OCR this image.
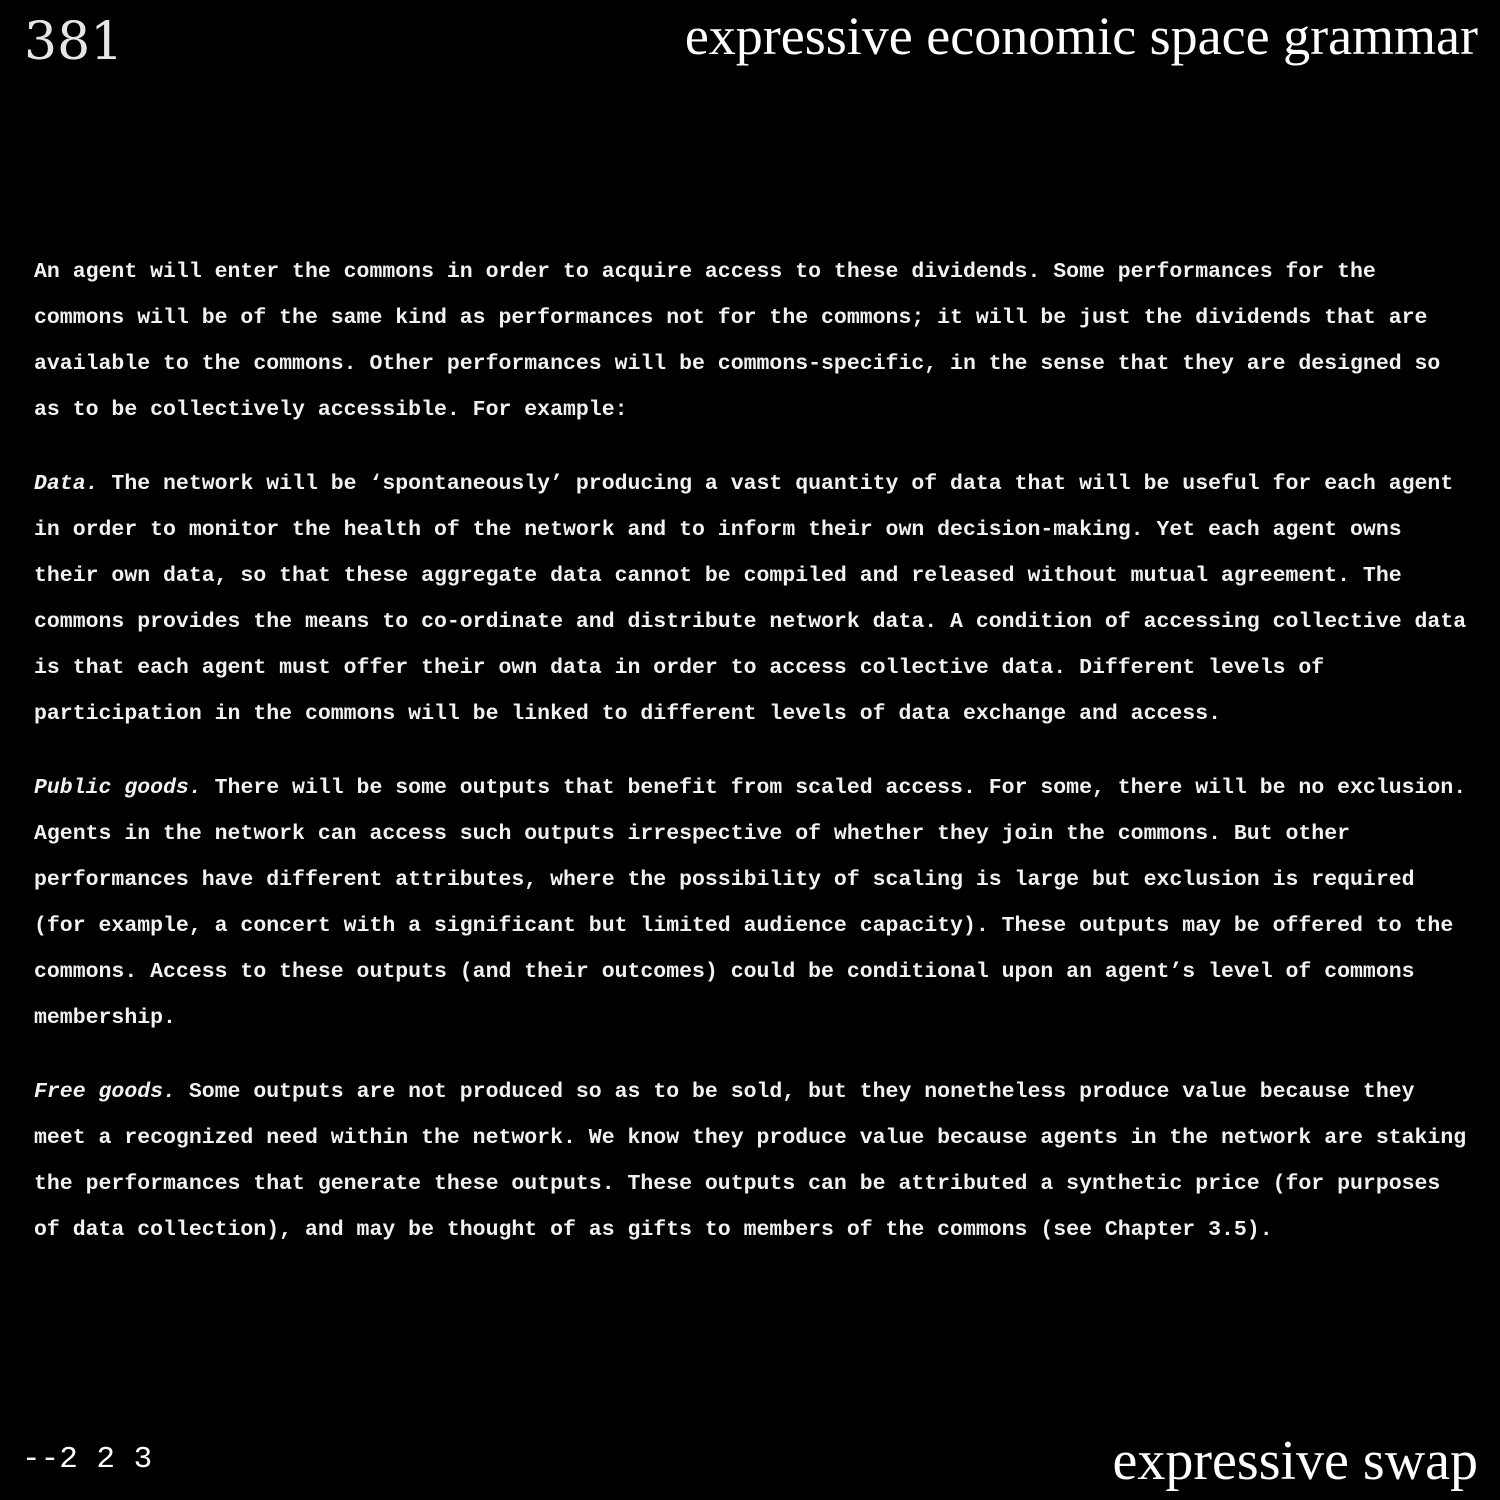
381	expressive economic space grammar

An agent will enter the commons in order to acquire access to these dividends. Some performances for the commons will be of the same kind as performances not for the commons; it will be just the dividends that are available to the commons. Other performances will be commons-specific, in the sense that they are designed so as to be collectively accessible. For example:

Data. The network will be ‘spontaneously’ producing a vast quantity of data that will be useful for each agent in order to monitor the health of the network and to inform their own decision-making. Yet each agent owns their own data, so that these aggregate data cannot be compiled and released without mutual agreement. The commons provides the means to co-ordinate and distribute network data. A condition of accessing collective data is that each agent must offer their own data in order to access collective data. Different levels of participation in the commons will be linked to different levels of data exchange and access.

Public goods. There will be some outputs that benefit from scaled access. For some, there will be no exclusion. Agents in the network can access such outputs irrespective of whether they join the commons. But other performances have different attributes, where the possibility of scaling is large but exclusion is required (for example, a concert with a significant but limited audience capacity). These outputs may be offered to the commons. Access to these outputs (and their outcomes) could be conditional upon an agent’s level of commons membership.

Free goods. Some outputs are not produced so as to be sold, but they nonetheless produce value because they meet a recognized need within the network. We know they produce value because agents in the network are staking the performances that generate these outputs. These outputs can be attributed a synthetic price (for purposes of data collection), and may be thought of as gifts to members of the commons (see Chapter 3.5).

--2 2 3	expressive swap
